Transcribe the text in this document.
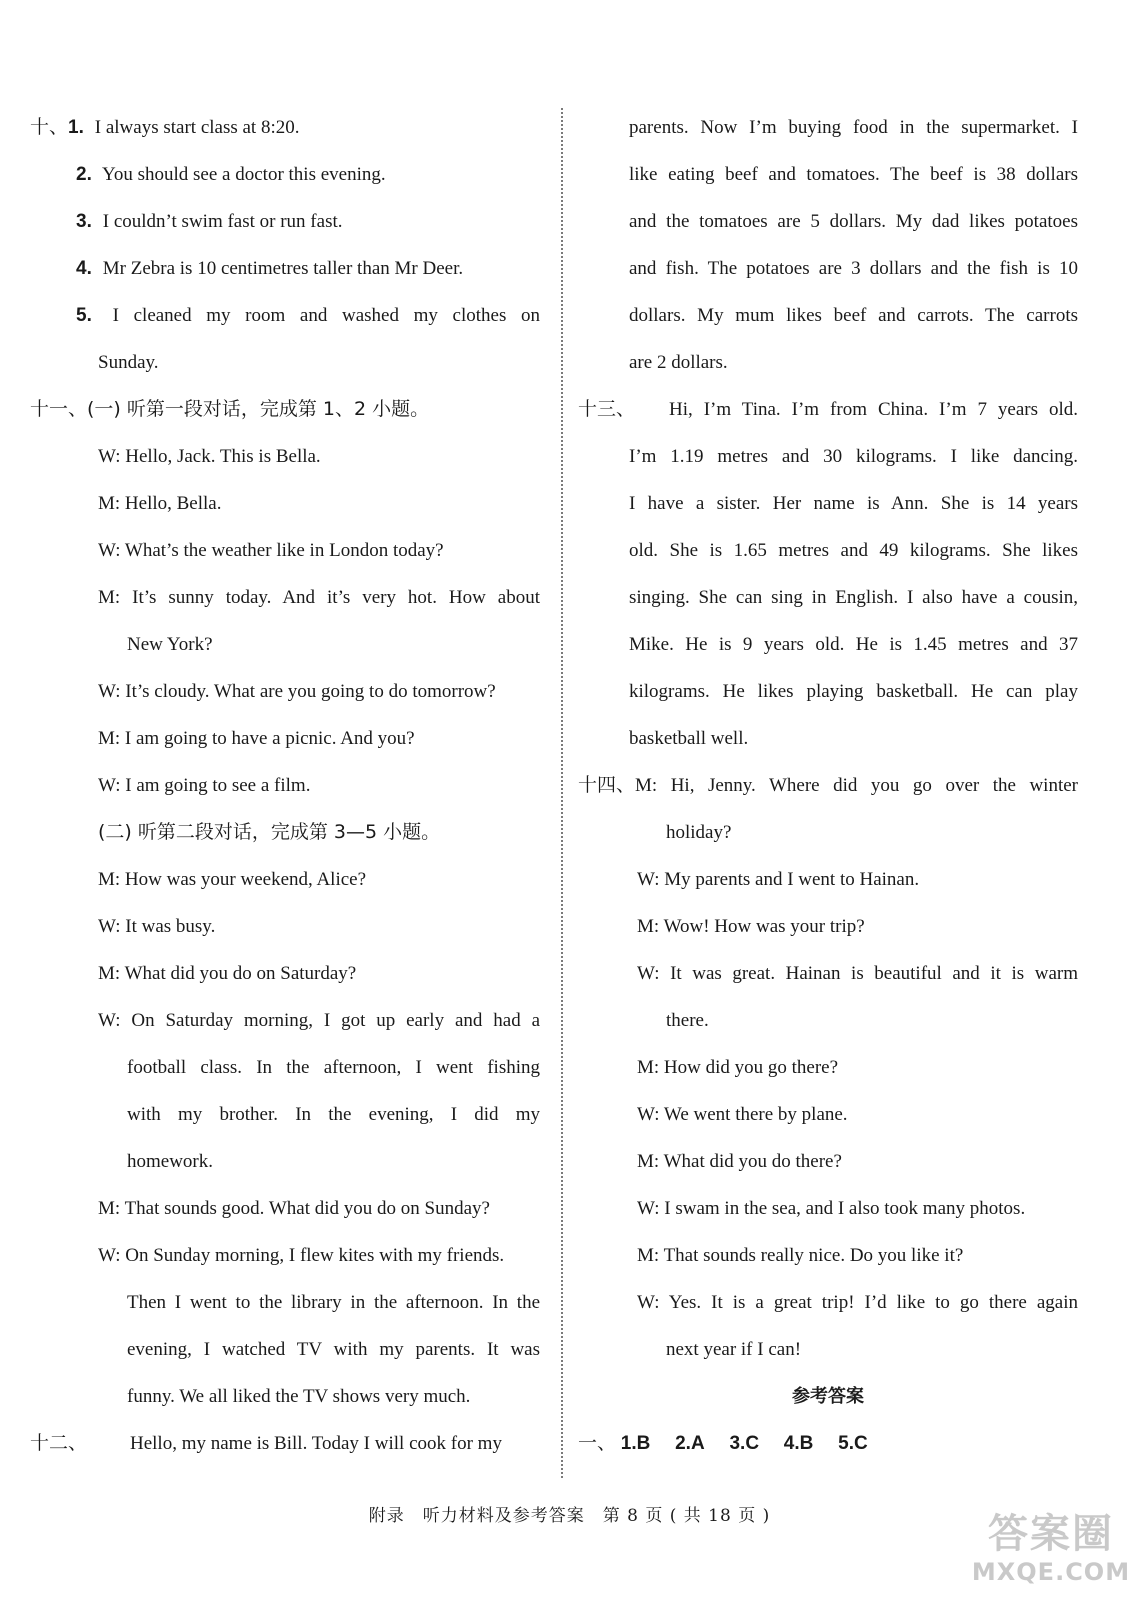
十、1. I always start class at 8:20.
2. You should see a doctor this evening.
3. I couldn’t swim fast or run fast.
4. Mr Zebra is 10 centimetres taller than Mr Deer.
5. I cleaned my room and washed my clothes on
Sunday.
十一、(一) 听第一段对话，完成第 1、2 小题。
W: Hello, Jack. This is Bella.
M: Hello, Bella.
W: What’s the weather like in London today?
M: It’s sunny today. And it’s very hot. How about
New York?
W: It’s cloudy. What are you going to do tomorrow?
M: I am going to have a picnic. And you?
W: I am going to see a film.
(二) 听第二段对话，完成第 3—5 小题。
M: How was your weekend, Alice?
W: It was busy.
M: What did you do on Saturday?
W: On Saturday morning, I got up early and had a
football class. In the afternoon, I went fishing
with my brother. In the evening, I did my
homework.
M: That sounds good. What did you do on Sunday?
W: On Sunday morning, I flew kites with my friends.
Then I went to the library in the afternoon. In the
evening, I watched TV with my parents. It was
funny. We all liked the TV shows very much.
十二、 Hello, my name is Bill. Today I will cook for my
parents. Now I’m buying food in the supermarket. I
like eating beef and tomatoes. The beef is 38 dollars
and the tomatoes are 5 dollars. My dad likes potatoes
and fish. The potatoes are 3 dollars and the fish is 10
dollars. My mum likes beef and carrots. The carrots
are 2 dollars.
十三、 Hi, I’m Tina. I’m from China. I’m 7 years old.
I’m 1.19 metres and 30 kilograms. I like dancing.
I have a sister. Her name is Ann. She is 14 years
old. She is 1.65 metres and 49 kilograms. She likes
singing. She can sing in English. I also have a cousin,
Mike. He is 9 years old. He is 1.45 metres and 37
kilograms. He likes playing basketball. He can play
basketball well.
十四、 M: Hi, Jenny. Where did you go over the winter
holiday?
W: My parents and I went to Hainan.
M: Wow! How was your trip?
W: It was great. Hainan is beautiful and it is warm
there.
M: How did you go there?
W: We went there by plane.
M: What did you do there?
W: I swam in the sea, and I also took many photos.
M: That sounds really nice. Do you like it?
W: Yes. It is a great trip! I’d like to go there again
next year if I can!
参考答案
一、 1.B 2.A 3.C 4.B 5.C
附录　听力材料及参考答案　第 8 页 ( 共 18 页 )	答案圈
MXQE.COM
